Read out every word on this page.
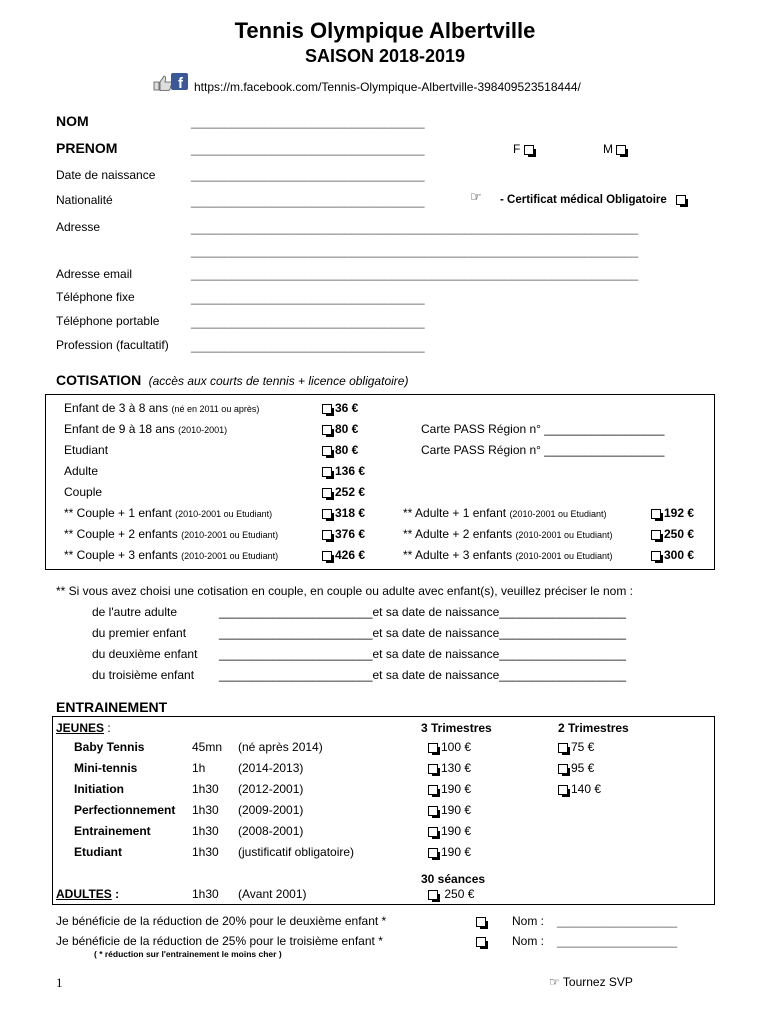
Tennis Olympique Albertville
SAISON 2018-2019
f https://m.facebook.com/Tennis-Olympique-Albertville-398409523518444/
NOM	___________________________________
PRENOM	___________________________________	F	M
Date de naissance	___________________________________
Nationalité	___________________________________	☞ - Certificat médical Obligatoire
Adresse	___________________________________________________________________
___________________________________________________________________
Adresse email	___________________________________________________________________
Téléphone fixe	___________________________________
Téléphone portable	___________________________________
Profession (facultatif) ___________________________________
COTISATION (accès aux courts de tennis + licence obligatoire)
Enfant de 3 à 8 ans (né en 2011 ou après)	36 €
Enfant de 9 à 18 ans (2010-2001)	80 €	Carte PASS Région n° __________________
Etudiant	80 €	Carte PASS Région n° __________________
Adulte	136 €
Couple	252 €
** Couple + 1 enfant (2010-2001 ou Etudiant)	318 €	** Adulte + 1 enfant (2010-2001 ou Etudiant)	192 €
** Couple + 2 enfants (2010-2001 ou Etudiant)	376 €	** Adulte + 2 enfants (2010-2001 ou Etudiant)	250 €
** Couple + 3 enfants (2010-2001 ou Etudiant)	426 €	** Adulte + 3 enfants (2010-2001 ou Etudiant)	300 €
** Si vous avez choisi une cotisation en couple, en couple ou adulte avec enfant(s), veuillez préciser le nom :
de l'autre adulte	_______________________et sa date de naissance___________________
du premier enfant	_______________________et sa date de naissance___________________
du deuxième enfant _______________________et sa date de naissance___________________
du troisième enfant _______________________et sa date de naissance___________________
ENTRAINEMENT
JEUNES :	3 Trimestres	2 Trimestres
Baby Tennis	45mn (né après 2014)	100 €	75 €
Mini-tennis	1h	(2014-2013)	130 €	95 €
Initiation	1h30 (2012-2001)	190 €	140 €
Perfectionnement 1h30 (2009-2001)	190 €
Entrainement	1h30 (2008-2001)	190 €
Etudiant	1h30 (justificatif obligatoire)	190 €
30 séances
ADULTES :	1h30 (Avant 2001)	250 €
Je bénéficie de la réduction de 20% pour le deuxième enfant *	Nom : __________________
Je bénéficie de la réduction de 25% pour le troisième enfant *	Nom : __________________
( * réduction sur l'entrainement le moins cher )
1	☞ Tournez SVP
